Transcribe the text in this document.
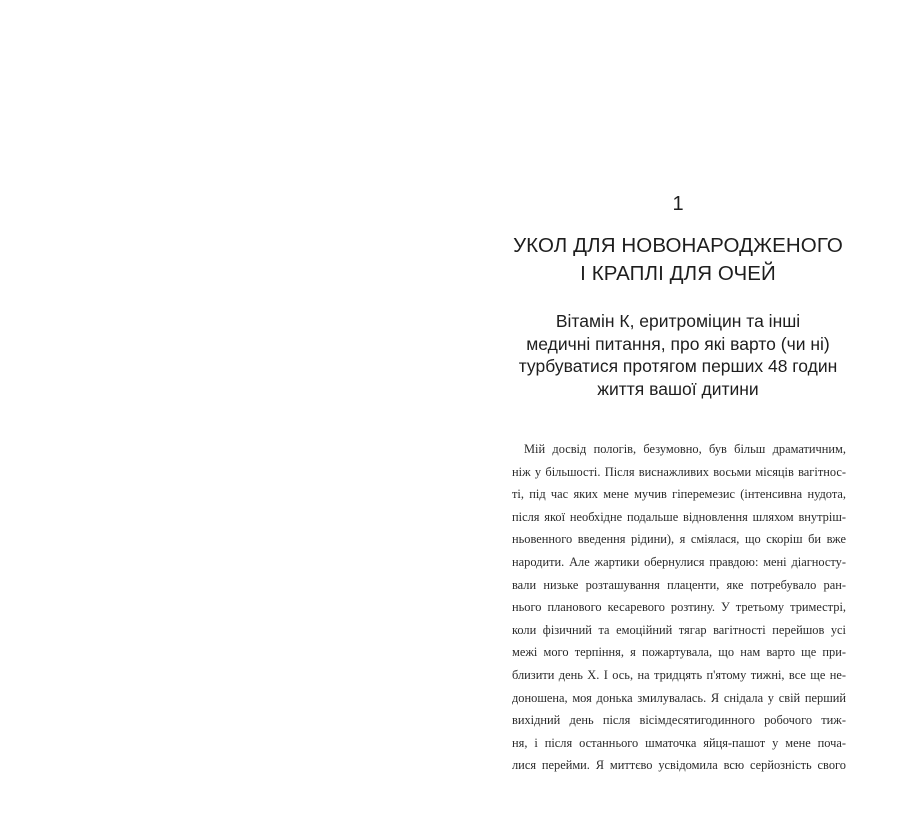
1
УКОЛ ДЛЯ НОВОНАРОДЖЕНОГО
І КРАПЛІ ДЛЯ ОЧЕЙ
Вітамін К, еритроміцин та інші
медичні питання, про які варто (чи ні)
турбуватися протягом перших 48 годин
життя вашої дитини

Мій досвід пологів, безумовно, був більш драматичним,
ніж у більшості. Після виснажливих восьми місяців вагітнос-
ті, під час яких мене мучив гіперемезис (інтенсивна нудота,
після якої необхідне подальше відновлення шляхом внутріш-
ньовенного введення рідини), я сміялася, що скоріш би вже
народити. Але жартики обернулися правдою: мені діагносту-
вали низьке розташування плаценти, яке потребувало ран-
нього планового кесаревого розтину. У третьому триместрі,
коли фізичний та емоційний тягар вагітності перейшов усі
межі мого терпіння, я пожартувала, що нам варто ще при-
близити день Х. І ось, на тридцять п'ятому тижні, все ще не-
доношена, моя донька змилувалась. Я снідала у свій перший
вихідний день після вісімдесятигодинного робочого тиж-
ня, і після останнього шматочка яйця-пашот у мене поча-
лися перейми. Я миттєво усвідомила всю серйозність свого
